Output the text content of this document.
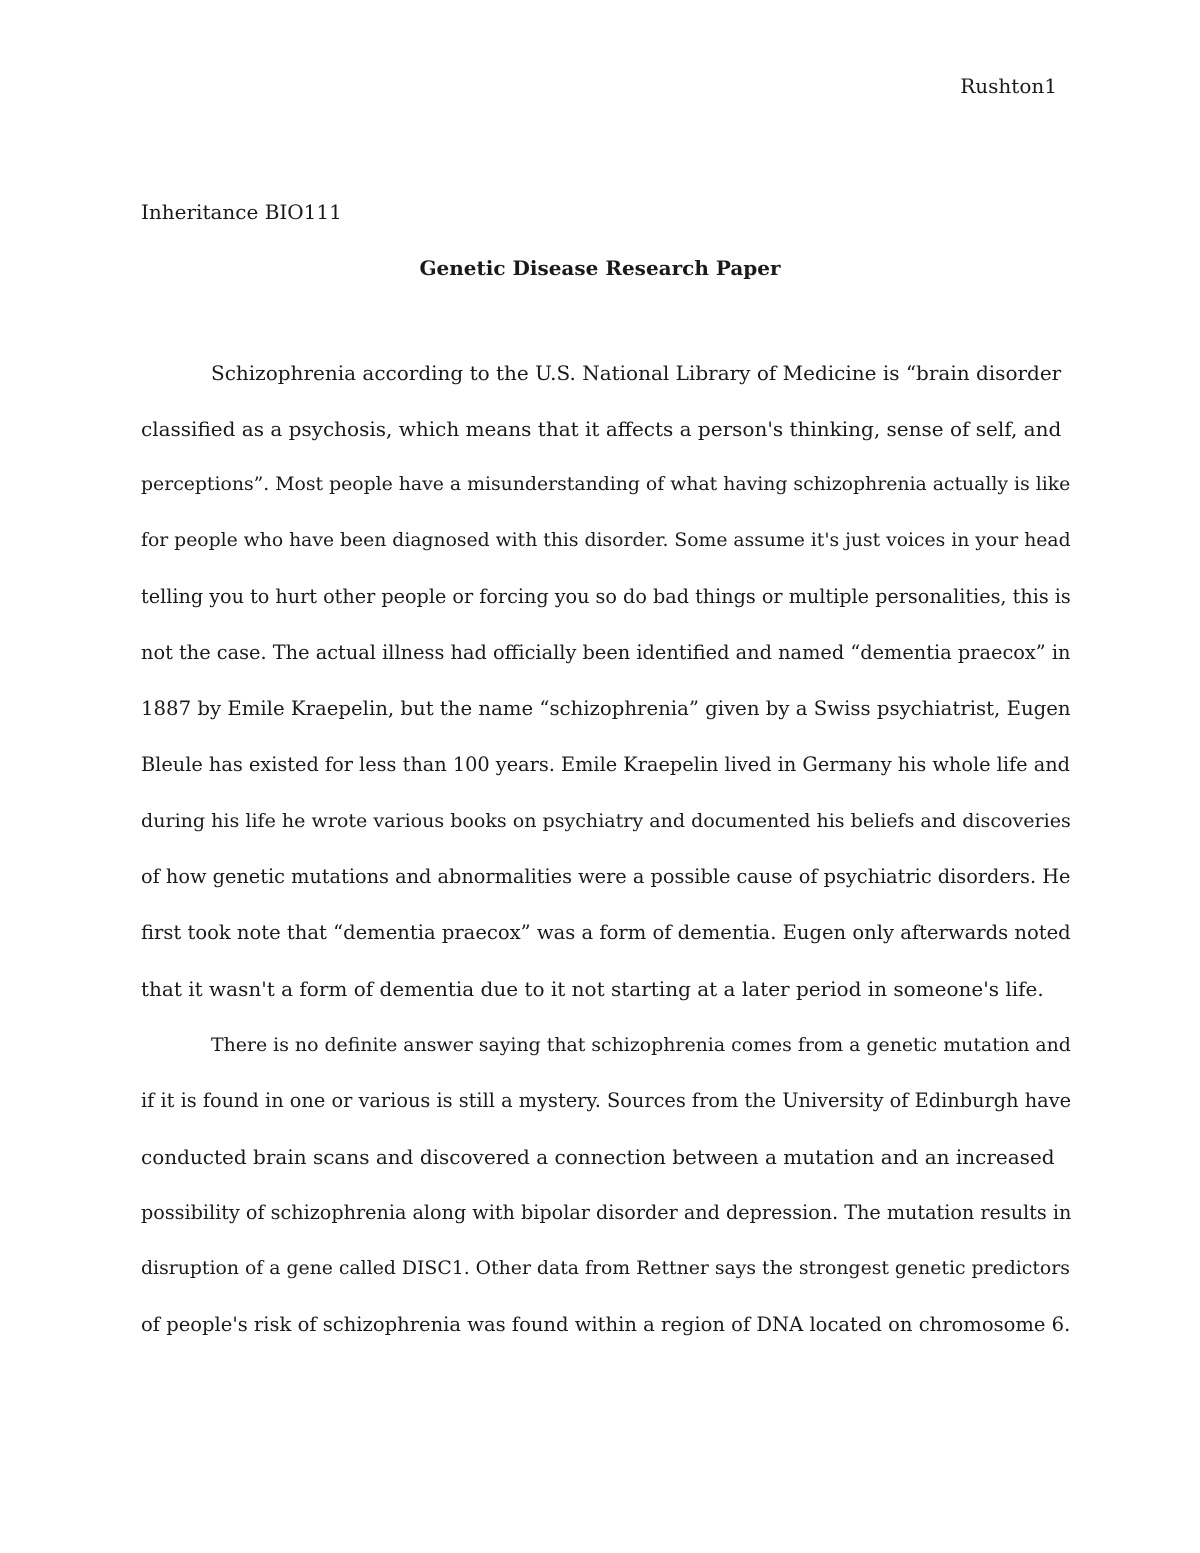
Rushton1
Inheritance BIO111
Genetic Disease Research Paper
Schizophrenia according to the U.S. National Library of Medicine is “brain disorder
classified as a psychosis, which means that it affects a person's thinking, sense of self, and
perceptions”. Most people have a misunderstanding of what having schizophrenia actually is like
for people who have been diagnosed with this disorder. Some assume it's just voices in your head
telling you to hurt other people or forcing you so do bad things or multiple personalities, this is
not the case. The actual illness had officially been identified and named “dementia praecox” in
1887 by Emile Kraepelin, but the name “schizophrenia” given by a Swiss psychiatrist, Eugen
Bleule has existed for less than 100 years. Emile Kraepelin lived in Germany his whole life and
during his life he wrote various books on psychiatry and documented his beliefs and discoveries
of how genetic mutations and abnormalities were a possible cause of psychiatric disorders. He
first took note that “dementia praecox” was a form of dementia. Eugen only afterwards noted
that it wasn't a form of dementia due to it not starting at a later period in someone's life.
There is no definite answer saying that schizophrenia comes from a genetic mutation and
if it is found in one or various is still a mystery. Sources from the University of Edinburgh have
conducted brain scans and discovered a connection between a mutation and an increased
possibility of schizophrenia along with bipolar disorder and depression. The mutation results in
disruption of a gene called DISC1. Other data from Rettner says the strongest genetic predictors
of people's risk of schizophrenia was found within a region of DNA located on chromosome 6.
